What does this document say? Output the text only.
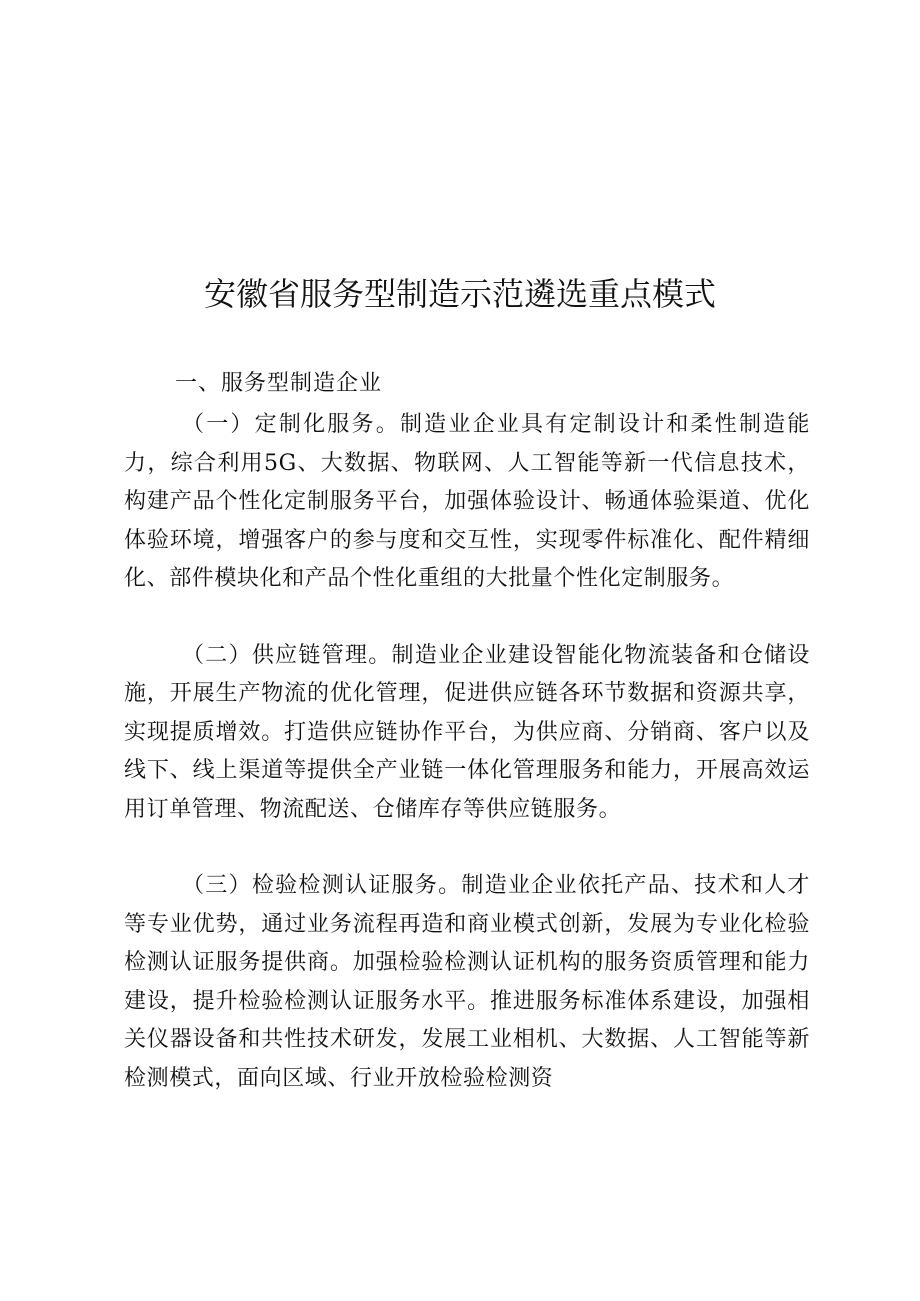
安徽省服务型制造示范遴选重点模式
一、服务型制造企业

（一）定制化服务。制造业企业具有定制设计和柔性制造能力，综合利用5G、大数据、物联网、人工智能等新一代信息技术，构建产品个性化定制服务平台，加强体验设计、畅通体验渠道、优化体验环境，增强客户的参与度和交互性，实现零件标准化、配件精细化、部件模块化和产品个性化重组的大批量个性化定制服务。

（二）供应链管理。制造业企业建设智能化物流装备和仓储设施，开展生产物流的优化管理，促进供应链各环节数据和资源共享，实现提质增效。打造供应链协作平台，为供应商、分销商、客户以及线下、线上渠道等提供全产业链一体化管理服务和能力，开展高效运用订单管理、物流配送、仓储库存等供应链服务。

（三）检验检测认证服务。制造业企业依托产品、技术和人才等专业优势，通过业务流程再造和商业模式创新，发展为专业化检验检测认证服务提供商。加强检验检测认证机构的服务资质管理和能力建设，提升检验检测认证服务水平。推进服务标准体系建设，加强相关仪器设备和共性技术研发，发展工业相机、大数据、人工智能等新检测模式，面向区域、行业开放检验检测资
